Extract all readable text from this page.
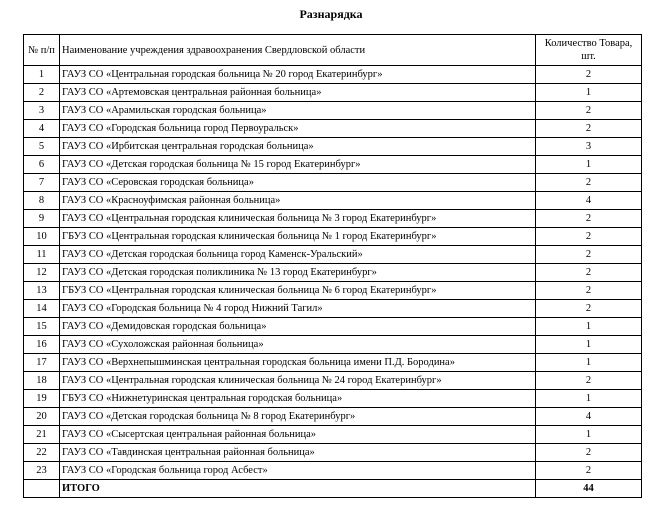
Разнарядка
№ п/п	Наименование учреждения здравоохранения Свердловской области	Количество Товара, шт.
1	ГАУЗ СО «Центральная городская больница № 20 город Екатеринбург»	2
2	ГАУЗ СО «Артемовская центральная районная больница»	1
3	ГАУЗ СО «Арамильская городская больница»	2
4	ГАУЗ СО «Городская больница город Первоуральск»	2
5	ГАУЗ СО «Ирбитская центральная городская больница»	3
6	ГАУЗ СО «Детская городская больница № 15 город Екатеринбург»	1
7	ГАУЗ СО «Серовская городская больница»	2
8	ГАУЗ СО «Красноуфимская районная больница»	4
9	ГАУЗ СО «Центральная городская клиническая больница № 3 город Екатеринбург»	2
10	ГБУЗ СО «Центральная городская клиническая больница № 1 город Екатеринбург»	2
11	ГАУЗ СО «Детская городская больница город Каменск-Уральский»	2
12	ГАУЗ СО «Детская городская поликлиника № 13 город Екатеринбург»	2
13	ГБУЗ СО «Центральная городская клиническая больница № 6 город Екатеринбург»	2
14	ГАУЗ СО «Городская больница № 4 город Нижний Тагил»	2
15	ГАУЗ СО «Демидовская городская больница»	1
16	ГАУЗ СО «Сухоложская районная больница»	1
17	ГАУЗ СО «Верхнепышминская центральная городская больница имени П.Д. Бородина»	1
18	ГАУЗ СО «Центральная городская клиническая больница № 24 город Екатеринбург»	2
19	ГБУЗ СО «Нижнетуринская центральная городская больница»	1
20	ГАУЗ СО «Детская городская больница № 8 город Екатеринбург»	4
21	ГАУЗ СО «Сысертская центральная районная больница»	1
22	ГАУЗ СО «Тавдинская центральная районная больница»	2
23	ГАУЗ СО «Городская больница город Асбест»	2
	ИТОГО	44
